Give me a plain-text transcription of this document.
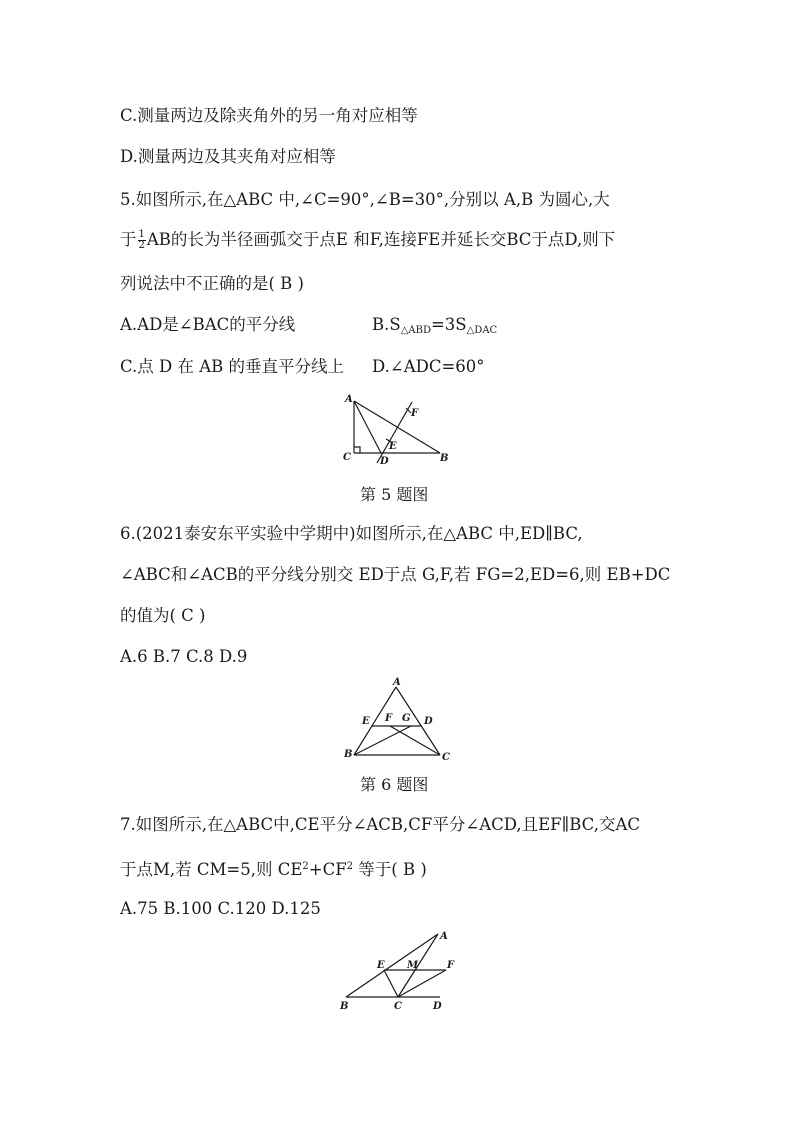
C.测量两边及除夹角外的另一角对应相等
D.测量两边及其夹角对应相等
5.如图所示,在△ABC 中,∠C=90°,∠B=30°,分别以 A,B 为圆心,大
于 $\frac{1}{2}$ AB的长为半径画弧交于点E 和F,连接FE并延长交BC于点D,则下
列说法中不正确的是( B )
A.AD是∠BAC的平分线	$B.S_{\triangle ABD}=3S_{\triangle DAC}$
C.点 D 在 AB 的垂直平分线上 D.∠ADC=60°
A
C	D
E
F
B
第 5 题图
6.(2021泰安东平实验中学期中)如图所示,在△ABC 中,ED∥BC,
∠ABC和∠ACB的平分线分别交 ED于点 G,F,若 FG=2,ED=6,则 EB+DC
的值为( C )
A.6 B.7 C.8 D.9
A
E F G D
B	C
第 6 题图
7.如图所示,在△ABC中,CE平分∠ACB,CF平分∠ACD,且EF∥BC,交AC
于点M,若 CM=5,则 $CE^2+CF^2$ 等于( B )
A.75 B.100 C.120 D.125
A
E M	F
B	C	D
